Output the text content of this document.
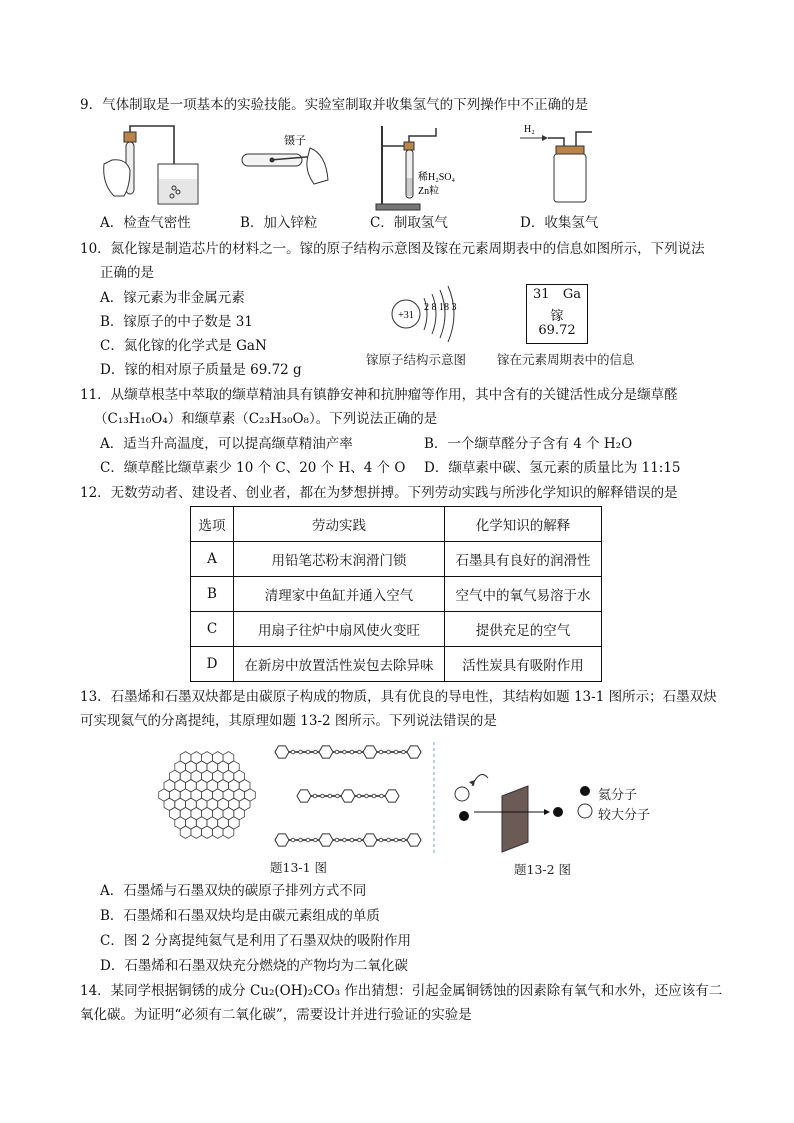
9．气体制取是一项基本的实验技能。实验室制取并收集氢气的下列操作中不正确的是
镊子
稀H₂SO₄
Zn粒
H₂
A．检查气密性	B．加入锌粒	C．制取氢气	D．收集氢气
10．氮化镓是制造芯片的材料之一。镓的原子结构示意图及镓在元素周期表中的信息如图所示，下列说法
正确的是
A．镓元素为非金属元素
B．镓原子的中子数是 31
C．氮化镓的化学式是 GaN
D．镓的相对原子质量是 69.72 g
+31
2 8 18 3
31 Ga
镓
69.72
镓原子结构示意图 镓在元素周期表中的信息
11．从缬草根茎中萃取的缬草精油具有镇静安神和抗肿瘤等作用，其中含有的关键活性成分是缬草醛
（C₁₃H₁₀O₄）和缬草素（C₂₃H₃₀O₈）。下列说法正确的是
A．适当升高温度，可以提高缬草精油产率	B．一个缬草醛分子含有 4 个 H₂O
C．缬草醛比缬草素少 10 个 C、20 个 H、4 个 O D．缬草素中碳、氢元素的质量比为 11:15
12．无数劳动者、建设者、创业者，都在为梦想拼搏。下列劳动实践与所涉化学知识的解释错误的是
选项	劳动实践	化学知识的解释
A	用铅笔芯粉末润滑门锁	石墨具有良好的润滑性
B	清理家中鱼缸并通入空气	空气中的氧气易溶于水
C	用扇子往炉中扇风使火变旺	提供充足的空气
D	在新房中放置活性炭包去除异味	活性炭具有吸附作用
13．石墨烯和石墨双炔都是由碳原子构成的物质，具有优良的导电性，其结构如题 13-1 图所示；石墨双炔
可实现氦气的分离提纯，其原理如题 13-2 图所示。下列说法错误的是
氦分子
较大分子
题13-1 图	题13-2 图
A．石墨烯与石墨双炔的碳原子排列方式不同
B．石墨烯和石墨双炔均是由碳元素组成的单质
C．图 2 分离提纯氦气是利用了石墨双炔的吸附作用
D．石墨烯和石墨双炔充分燃烧的产物均为二氧化碳
14．某同学根据铜锈的成分 Cu₂(OH)₂CO₃ 作出猜想：引起金属铜锈蚀的因素除有氧气和水外，还应该有二
氧化碳。为证明“必须有二氧化碳”，需要设计并进行验证的实验是
